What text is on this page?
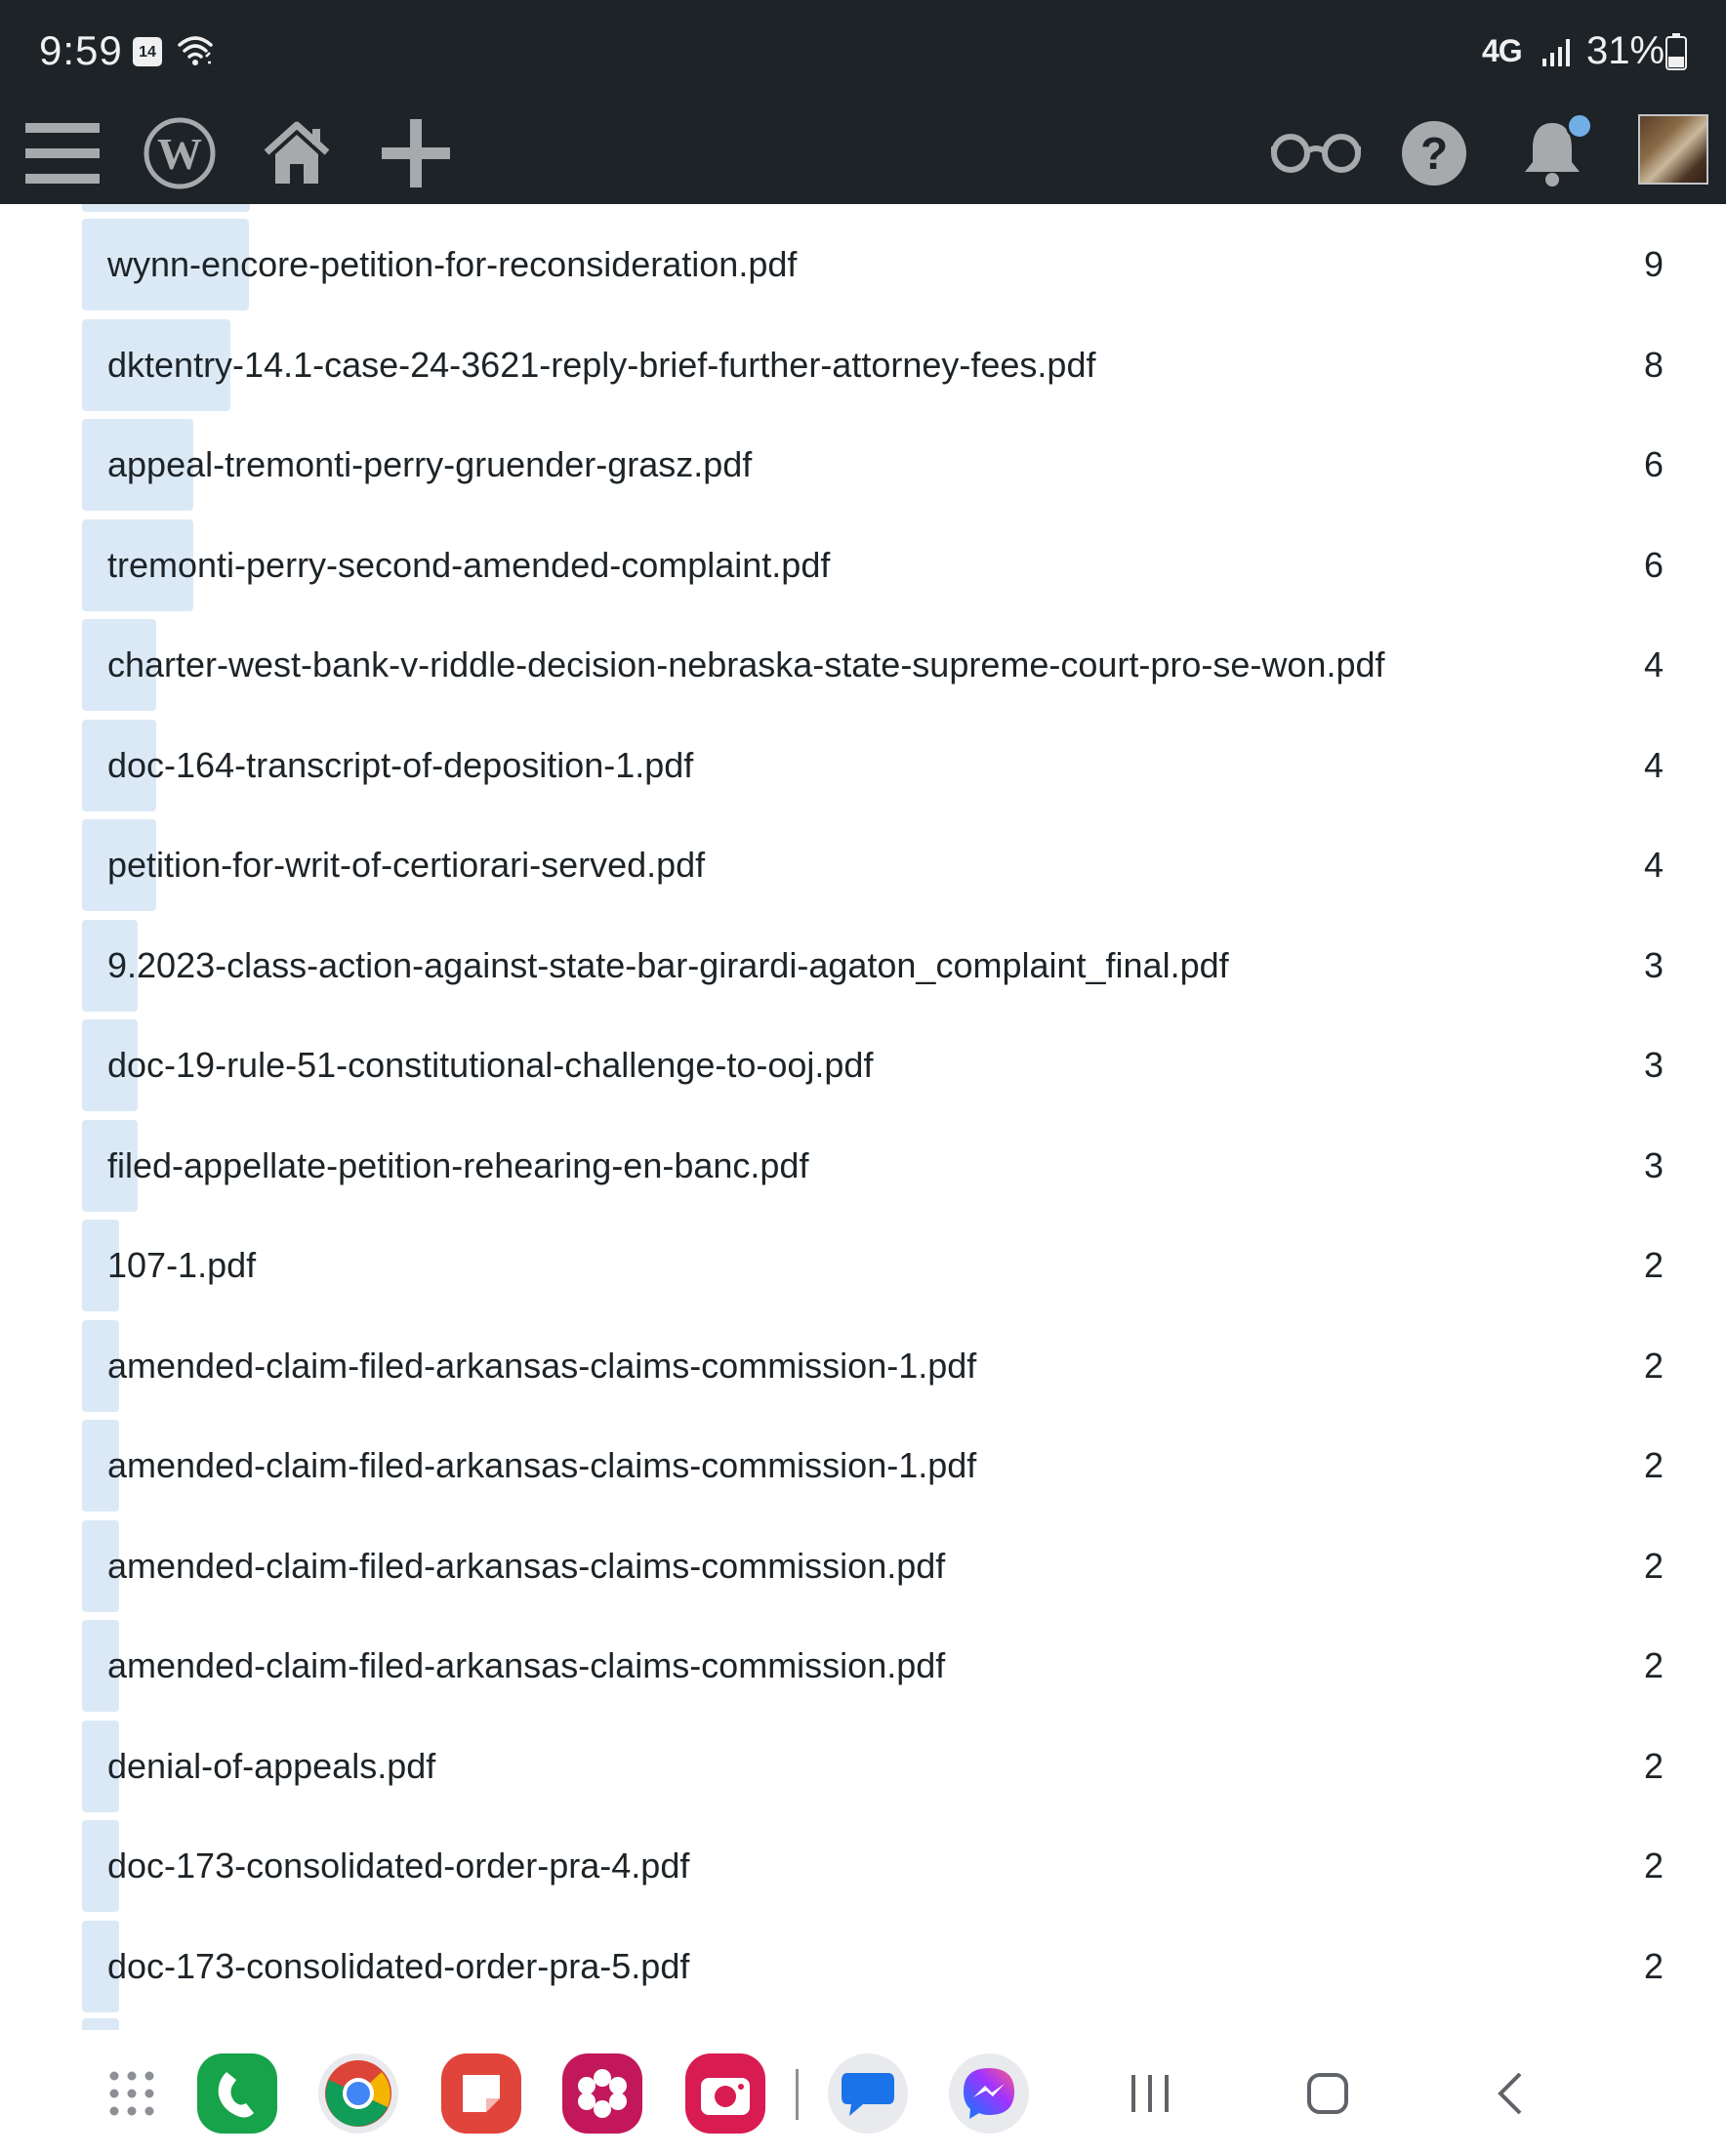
9:59	14	4G 31%
W	?
wynn-encore-petition-for-reconsideration.pdf	9
dktentry-14.1-case-24-3621-reply-brief-further-attorney-fees.pdf	8
appeal-tremonti-perry-gruender-grasz.pdf	6
tremonti-perry-second-amended-complaint.pdf	6
charter-west-bank-v-riddle-decision-nebraska-state-supreme-court-pro-se-won.pdf	4
doc-164-transcript-of-deposition-1.pdf	4
petition-for-writ-of-certiorari-served.pdf	4
9.2023-class-action-against-state-bar-girardi-agaton_complaint_final.pdf	3
doc-19-rule-51-constitutional-challenge-to-ooj.pdf	3
filed-appellate-petition-rehearing-en-banc.pdf	3
107-1.pdf	2
amended-claim-filed-arkansas-claims-commission-1.pdf	2
amended-claim-filed-arkansas-claims-commission-1.pdf	2
amended-claim-filed-arkansas-claims-commission.pdf	2
amended-claim-filed-arkansas-claims-commission.pdf	2
denial-of-appeals.pdf	2
doc-173-consolidated-order-pra-4.pdf	2
doc-173-consolidated-order-pra-5.pdf	2
